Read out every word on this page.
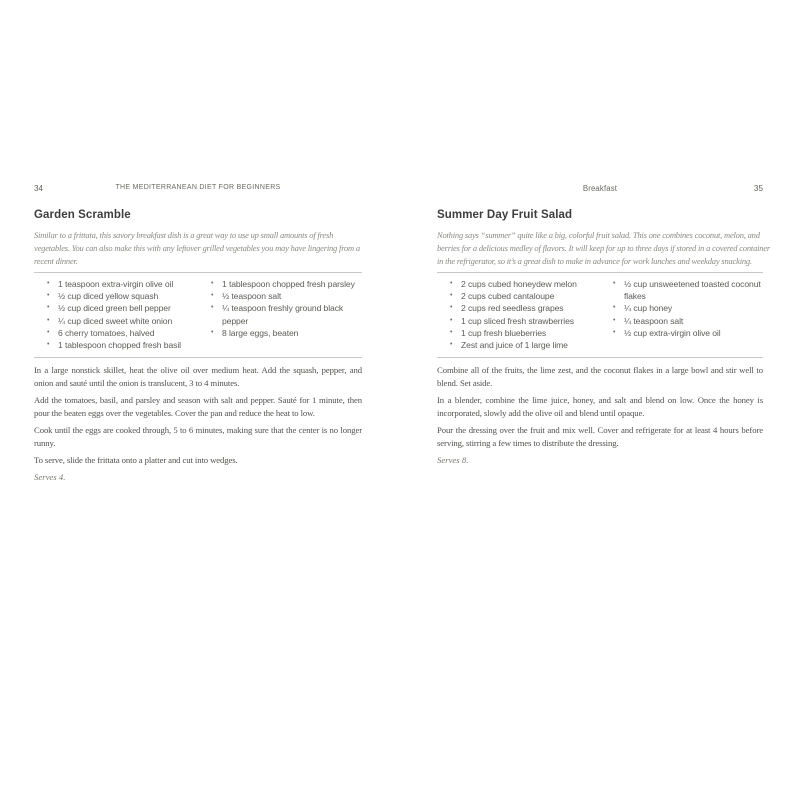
34	THE MEDITERRANEAN DIET FOR BEGINNERS
Garden Scramble
Similar to a frittata, this savory breakfast dish is a great way to use up small amounts of fresh
vegetables. You can also make this with any leftover grilled vegetables you may have lingering from a
recent dinner.
• 1 teaspoon extra-virgin olive oil
• ½ cup diced yellow squash
• ½ cup diced green bell pepper
• ¼ cup diced sweet white onion
• 6 cherry tomatoes, halved
• 1 tablespoon chopped fresh basil
• 1 tablespoon chopped fresh parsley
• ½ teaspoon salt
• ¼ teaspoon freshly ground black pepper
• 8 large eggs, beaten

In a large nonstick skillet, heat the olive oil over medium heat. Add the squash, pepper, and onion and sauté until the onion is translucent, 3 to 4 minutes.

Add the tomatoes, basil, and parsley and season with salt and pepper. Sauté for 1 minute, then pour the beaten eggs over the vegetables. Cover the pan and reduce the heat to low.

Cook until the eggs are cooked through, 5 to 6 minutes, making sure that the center is no longer runny.

To serve, slide the frittata onto a platter and cut into wedges.

Serves 4.

Breakfast	35
Summer Day Fruit Salad
Nothing says “summer” quite like a big, colorful fruit salad. This one combines coconut, melon, and
berries for a delicious medley of flavors. It will keep for up to three days if stored in a covered container
in the refrigerator, so it’s a great dish to make in advance for work lunches and weekday snacking.
• 2 cups cubed honeydew melon
• 2 cups cubed cantaloupe
• 2 cups red seedless grapes
• 1 cup sliced fresh strawberries
• 1 cup fresh blueberries
• Zest and juice of 1 large lime
• ½ cup unsweetened toasted coconut flakes
• ¼ cup honey
• ¼ teaspoon salt
• ½ cup extra-virgin olive oil

Combine all of the fruits, the lime zest, and the coconut flakes in a large bowl and stir well to blend. Set aside.

In a blender, combine the lime juice, honey, and salt and blend on low. Once the honey is incorporated, slowly add the olive oil and blend until opaque.

Pour the dressing over the fruit and mix well. Cover and refrigerate for at least 4 hours before serving, stirring a few times to distribute the dressing.

Serves 8.
